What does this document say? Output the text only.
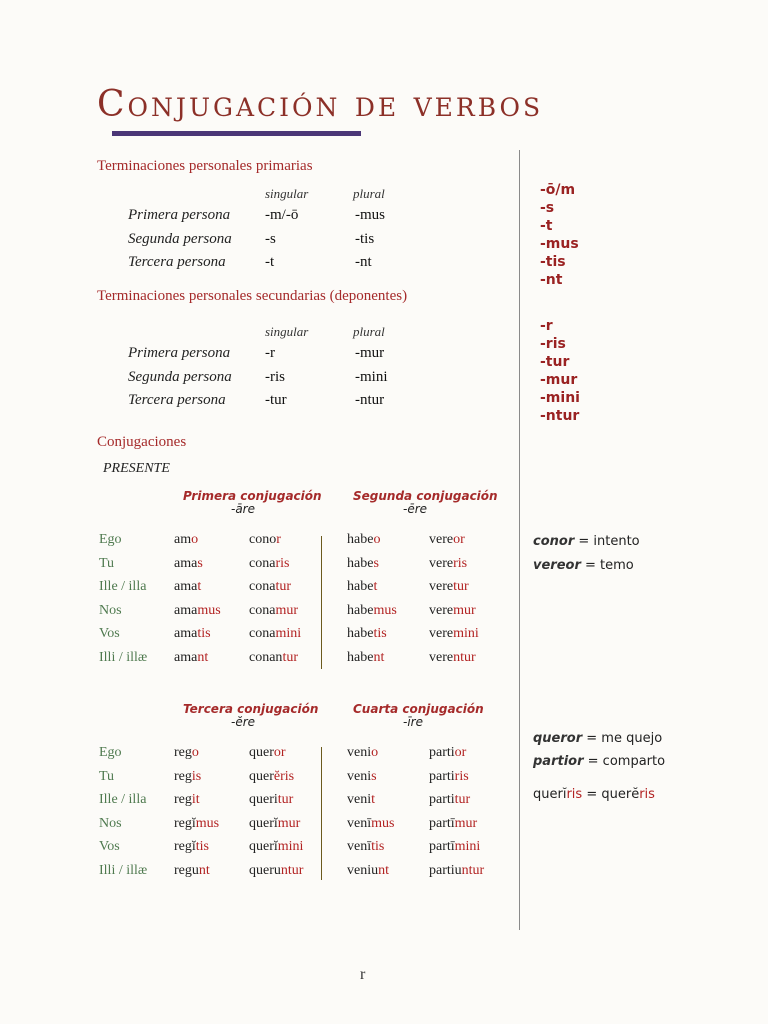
Conjugación de verbos
Terminaciones personales primarias
singular	plural
Primera persona -m/-ō	-mus
Segunda persona -s	-tis
Tercera persona	-t	-nt
Terminaciones personales secundarias (deponentes)
singular	plural
Primera persona -r	-mur
Segunda persona -ris	-mini
Tercera persona	-tur	-ntur
-ō/m
-s
-t
-mus
-tis
-nt
-r
-ris
-tur
-mur
-mini
-ntur
Conjugaciones
PRESENTE
Primera conjugación
-āre
Segunda conjugación
-ēre
Ego	amo	conor	habeo	vereor
Tu	amas	conaris	habes	vereris
Ille / illa amat	conatur	habet	veretur
Nos	amamus conamur	habemus veremur
Vos	amatis	conamini	habetis	veremini
Illi / illæ amant	conantur	habent	verentur
conor = intento
vereor = temo
Tercera conjugación
-ĕre
Cuarta conjugación
-īre
Ego	rego	queror	venio	partior
Tu	regis	querĕris	venis	partiris
Ille / illa regit	queritur	venit	partitur
Nos	regĭmus querĭmur	venīmus partīmur
Vos	regĭtis	querĭmini	venītis	partīmini
Illi / illæ regunt	queruntur	veniunt	partiuntur
queror = me quejo
partior = comparto
querĭris = querĕris
r
